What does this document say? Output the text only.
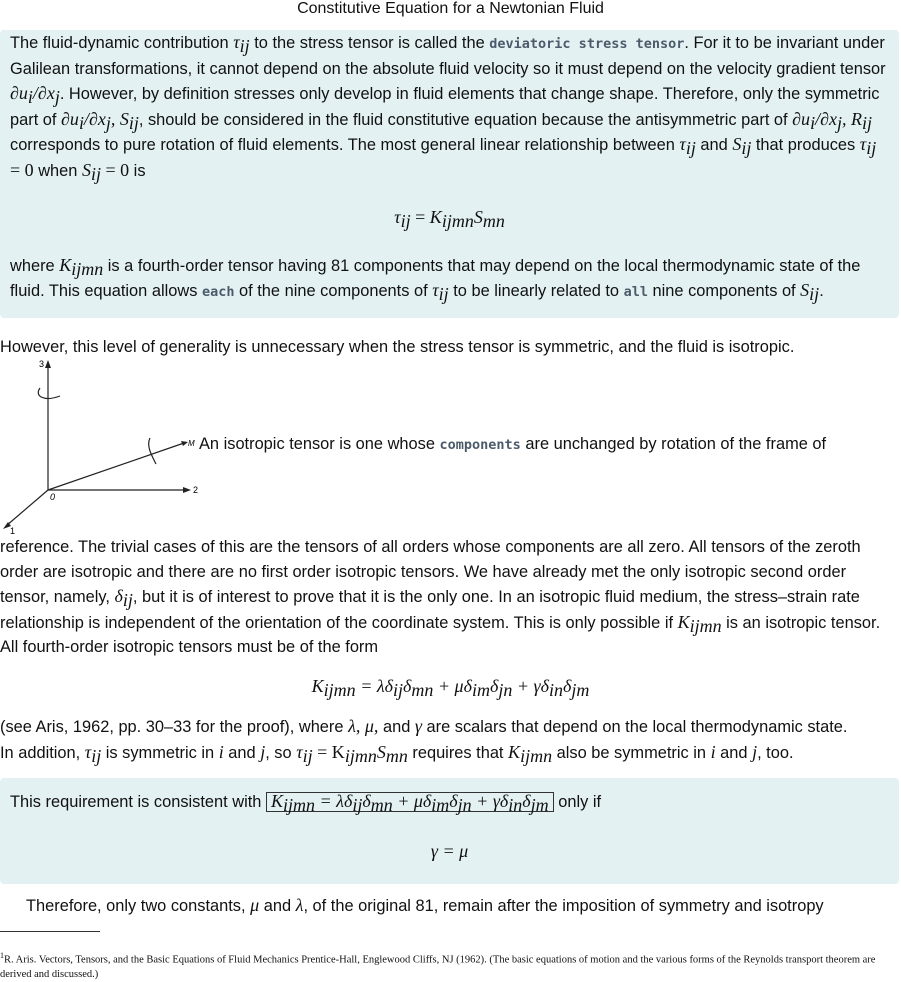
Constitutive Equation for a Newtonian Fluid

The fluid-dynamic contribution $\tau_{ij}$ to the stress tensor is called the deviatoric stress tensor. For it to be invariant under Galilean transformations, it cannot depend on the absolute fluid velocity so it must depend on the velocity gradient tensor $\partial u_i/\partial x_j$. However, by definition stresses only develop in fluid elements that change shape. Therefore, only the symmetric part of $\partial u_i/\partial x_j$, $S_{ij}$, should be considered in the fluid constitutive equation because the antisymmetric part of $\partial u_i/\partial x_j$, $R_{ij}$ corresponds to pure rotation of fluid elements. The most general linear relationship between $\tau_{ij}$ and $S_{ij}$ that produces $\tau_{ij} = 0$ when $S_{ij} = 0$ is

$\tau_{ij} = K_{ijmn}S_{mn}$

where $K_{ijmn}$ is a fourth-order tensor having 81 components that may depend on the local thermodynamic state of the fluid. This equation allows each of the nine components of $\tau_{ij}$ to be linearly related to all nine components of $S_{ij}$.

However, this level of generality is unnecessary when the stress tensor is symmetric, and the fluid is isotropic.

3
2
1
0
M An isotropic tensor is one whose components are unchanged by rotation of the frame of

reference. The trivial cases of this are the tensors of all orders whose components are all zero. All tensors of the zeroth order are isotropic and there are no first order isotropic tensors. We have already met the only isotropic second order tensor, namely, $\delta_{ij}$, but it is of interest to prove that it is the only one. In an isotropic fluid medium, the stress–strain rate relationship is independent of the orientation of the coordinate system. This is only possible if $K_{ijmn}$ is an isotropic tensor. All fourth-order isotropic tensors must be of the form

$K_{ijmn} = \lambda\delta_{ij}\delta_{mn} + \mu\delta_{im}\delta_{jn} + \gamma\delta_{in}\delta_{jm}$

(see Aris, 1962, pp. 30–33 for the proof), where λ, μ, and γ are scalars that depend on the local thermodynamic state.
In addition, $\tau_{ij}$ is symmetric in i and j, so $\tau_{ij} = K_{ijmn}S_{mn}$ requires that $K_{ijmn}$ also be symmetric in i and j, too.

This requirement is consistent with $K_{ijmn} = \lambda\delta_{ij}\delta_{mn} + \mu\delta_{im}\delta_{jn} + \gamma\delta_{in}\delta_{jm}$ only if

γ = μ

Therefore, only two constants, μ and λ, of the original 81, remain after the imposition of symmetry and isotropy

$^1$R. Aris. Vectors, Tensors, and the Basic Equations of Fluid Mechanics Prentice-Hall, Englewood Cliffs, NJ (1962). (The basic equations of motion and the various forms of the Reynolds transport theorem are derived and discussed.)
